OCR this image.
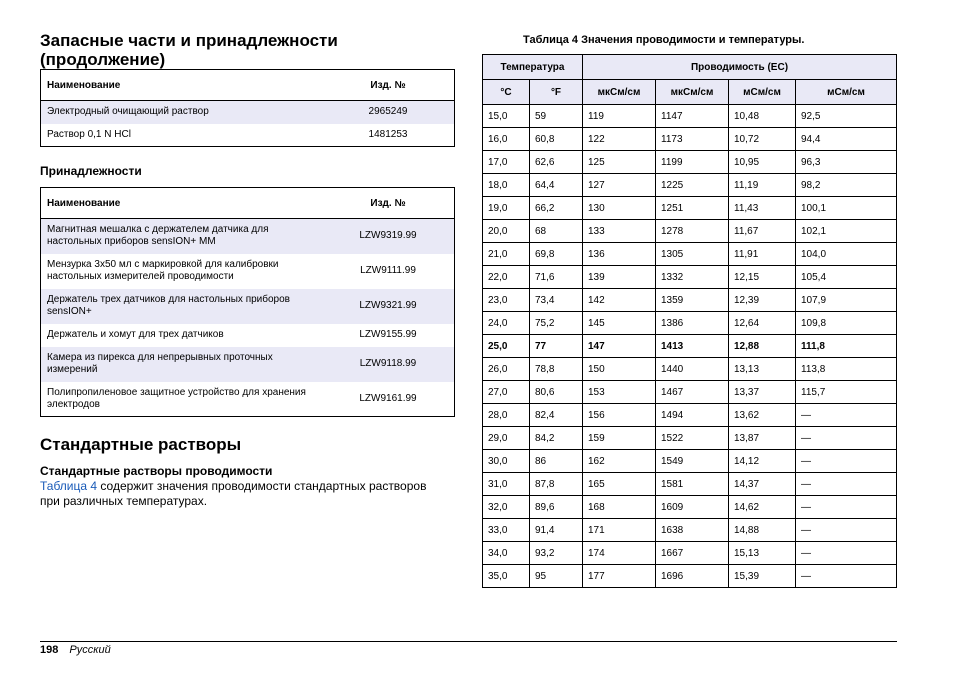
Запасные части и принадлежности (продолжение)
Наименование	Изд. №
Электродный очищающий раствор	2965249
Раствор 0,1 N HCl	1481253
Принадлежности
Наименование	Изд. №
Магнитная мешалка с держателем датчика для настольных приборов sensION+ MM	LZW9319.99
Мензурка 3х50 мл с маркировкой для калибровки настольных измерителей проводимости	LZW9111.99
Держатель трех датчиков для настольных приборов sensION+	LZW9321.99
Держатель и хомут для трех датчиков	LZW9155.99
Камера из пирекса для непрерывных проточных измерений	LZW9118.99
Полипропиленовое защитное устройство для хранения электродов	LZW9161.99
Стандартные растворы
Стандартные растворы проводимости
Таблица 4 содержит значения проводимости стандартных растворов при различных температурах.
Таблица 4 Значения проводимости и температуры.
Температура		Проводимость (ЕС)			
°C	°F	мкСм/см	мкСм/см	мСм/см	мСм/см
15,0	59	119	1147	10,48	92,5
16,0	60,8	122	1173	10,72	94,4
17,0	62,6	125	1199	10,95	96,3
18,0	64,4	127	1225	11,19	98,2
19,0	66,2	130	1251	11,43	100,1
20,0	68	133	1278	11,67	102,1
21,0	69,8	136	1305	11,91	104,0
22,0	71,6	139	1332	12,15	105,4
23,0	73,4	142	1359	12,39	107,9
24,0	75,2	145	1386	12,64	109,8
25,0	77	147	1413	12,88	111,8
26,0	78,8	150	1440	13,13	113,8
27,0	80,6	153	1467	13,37	115,7
28,0	82,4	156	1494	13,62	—
29,0	84,2	159	1522	13,87	—
30,0	86	162	1549	14,12	—
31,0	87,8	165	1581	14,37	—
32,0	89,6	168	1609	14,62	—
33,0	91,4	171	1638	14,88	—
34,0	93,2	174	1667	15,13	—
35,0	95	177	1696	15,39	—
198 Русский
